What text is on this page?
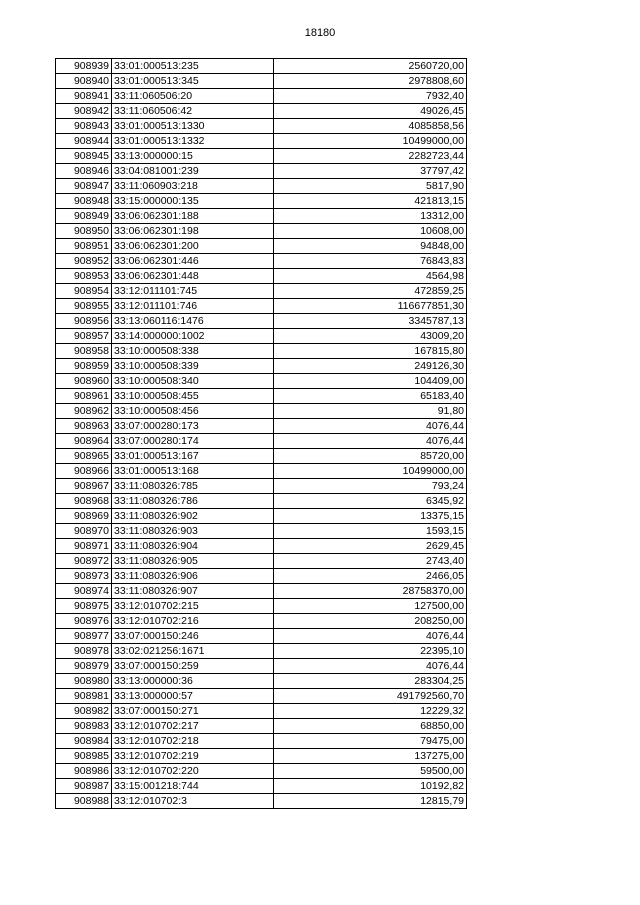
18180
908939	33:01:000513:235	2560720,00
908940	33:01:000513:345	2978808,60
908941	33:11:060506:20	7932,40
908942	33:11:060506:42	49026,45
908943	33:01:000513:1330	4085858,56
908944	33:01:000513:1332	10499000,00
908945	33:13:000000:15	2282723,44
908946	33:04:081001:239	37797,42
908947	33:11:060903:218	5817,90
908948	33:15:000000:135	421813,15
908949	33:06:062301:188	13312,00
908950	33:06:062301:198	10608,00
908951	33:06:062301:200	94848,00
908952	33:06:062301:446	76843,83
908953	33:06:062301:448	4564,98
908954	33:12:011101:745	472859,25
908955	33:12:011101:746	116677851,30
908956	33:13:060116:1476	3345787,13
908957	33:14:000000:1002	43009,20
908958	33:10:000508:338	167815,80
908959	33:10:000508:339	249126,30
908960	33:10:000508:340	104409,00
908961	33:10:000508:455	65183,40
908962	33:10:000508:456	91,80
908963	33:07:000280:173	4076,44
908964	33:07:000280:174	4076,44
908965	33:01:000513:167	85720,00
908966	33:01:000513:168	10499000,00
908967	33:11:080326:785	793,24
908968	33:11:080326:786	6345,92
908969	33:11:080326:902	13375,15
908970	33:11:080326:903	1593,15
908971	33:11:080326:904	2629,45
908972	33:11:080326:905	2743,40
908973	33:11:080326:906	2466,05
908974	33:11:080326:907	28758370,00
908975	33:12:010702:215	127500,00
908976	33:12:010702:216	208250,00
908977	33:07:000150:246	4076,44
908978	33:02:021256:1671	22395,10
908979	33:07:000150:259	4076,44
908980	33:13:000000:36	283304,25
908981	33:13:000000:57	491792560,70
908982	33:07:000150:271	12229,32
908983	33:12:010702:217	68850,00
908984	33:12:010702:218	79475,00
908985	33:12:010702:219	137275,00
908986	33:12:010702:220	59500,00
908987	33:15:001218:744	10192,82
908988	33:12:010702:3	12815,79
